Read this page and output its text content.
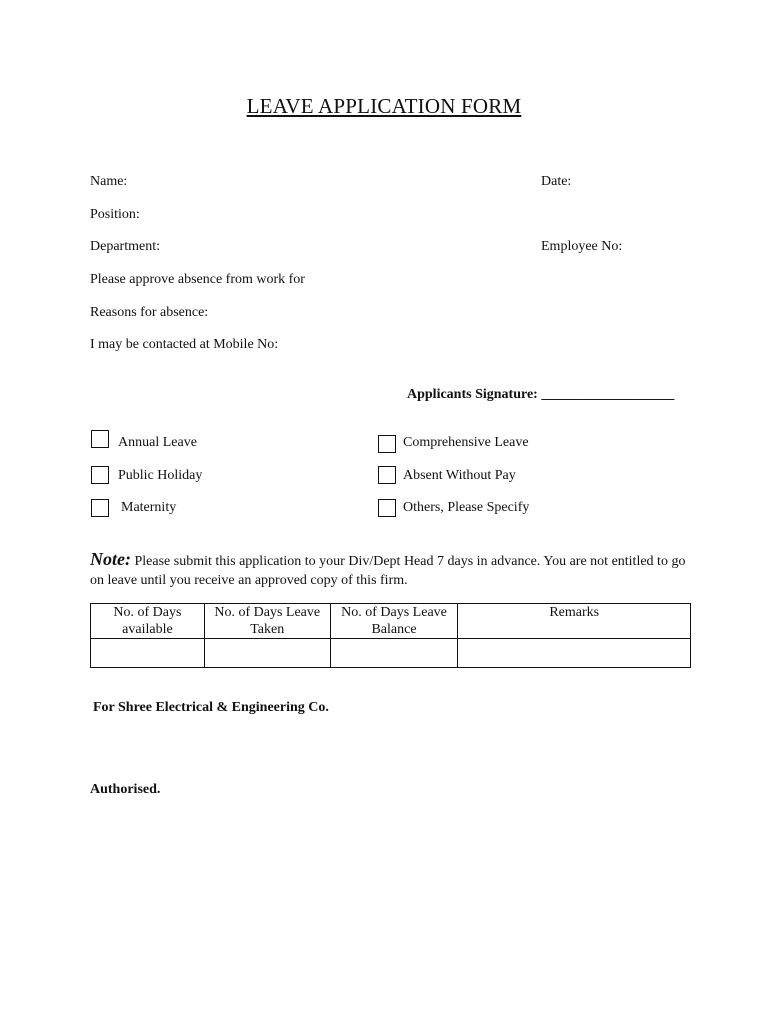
LEAVE APPLICATION FORM
Name:	Date:
Position:
Department:	Employee No:
Please approve absence from work for
Reasons for absence:
I may be contacted at Mobile No:
Applicants Signature: ___________________
Annual Leave	Comprehensive Leave
Public Holiday	Absent Without Pay
Maternity	Others, Please Specify
Note: Please submit this application to your Div/Dept Head 7 days in advance. You are not entitled to go on leave until you receive an approved copy of this firm.
No. of Days available	No. of Days Leave Taken	No. of Days Leave Balance	Remarks

For Shree Electrical & Engineering Co.
Authorised.
